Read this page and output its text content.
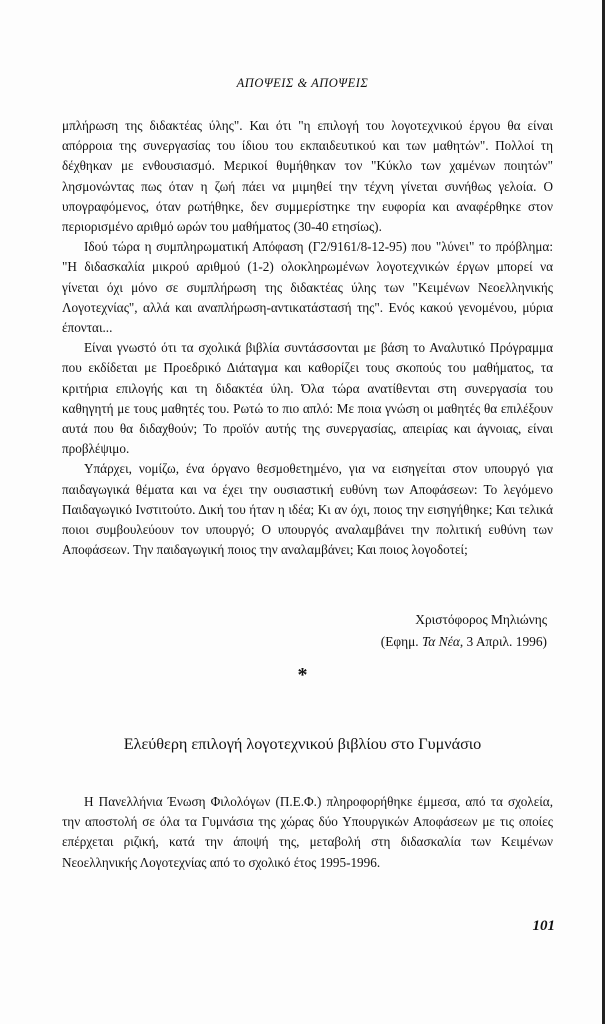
ΑΠΟΨΕΙΣ & ΑΠΟΨΕΙΣ

μπλήρωση της διδακτέας ύλης". Και ότι "η επιλογή του λογοτεχνικού έργου θα είναι απόρροια της συνεργασίας του ίδιου του εκπαιδευτικού και των μαθητών". Πολλοί τη δέχθηκαν με ενθουσιασμό. Μερικοί θυμήθηκαν τον "Κύκλο των χαμένων ποιητών" λησμονώντας πως όταν η ζωή πάει να μιμηθεί την τέχνη γίνεται συνήθως γελοία. Ο υπογραφόμενος, όταν ρωτήθηκε, δεν συμμερίστηκε την ευφορία και αναφέρθηκε στον περιορισμένο αριθμό ωρών του μαθήματος (30-40 ετησίως).

Ιδού τώρα η συμπληρωματική Απόφαση (Γ2/9161/8-12-95) που "λύνει" το πρόβλημα: "Η διδασκαλία μικρού αριθμού (1-2) ολοκληρωμένων λογοτεχνικών έργων μπορεί να γίνεται όχι μόνο σε συμπλήρωση της διδακτέας ύλης των "Κειμένων Νεοελληνικής Λογοτεχνίας", αλλά και αναπλήρωση-αντικατάστασή της". Ενός κακού γενομένου, μύρια έπονται...

Είναι γνωστό ότι τα σχολικά βιβλία συντάσσονται με βάση το Αναλυτικό Πρόγραμμα που εκδίδεται με Προεδρικό Διάταγμα και καθορίζει τους σκοπούς του μαθήματος, τα κριτήρια επιλογής και τη διδακτέα ύλη. Όλα τώρα ανατίθενται στη συνεργασία του καθηγητή με τους μαθητές του. Ρωτώ το πιο απλό: Με ποια γνώση οι μαθητές θα επιλέξουν αυτά που θα διδαχθούν; Το προϊόν αυτής της συνεργασίας, απειρίας και άγνοιας, είναι προβλέψιμο.

Υπάρχει, νομίζω, ένα όργανο θεσμοθετημένο, για να εισηγείται στον υπουργό για παιδαγωγικά θέματα και να έχει την ουσιαστική ευθύνη των Αποφάσεων: Το λεγόμενο Παιδαγωγικό Ινστιτούτο. Δική του ήταν η ιδέα; Κι αν όχι, ποιος την εισηγήθηκε; Και τελικά ποιοι συμβουλεύουν τον υπουργό; Ο υπουργός αναλαμβάνει την πολιτική ευθύνη των Αποφάσεων. Την παιδαγωγική ποιος την αναλαμβάνει; Και ποιος λογοδοτεί;

Χριστόφορος Μηλιώνης
(Εφημ. Τα Νέα, 3 Απριλ. 1996)
*
Ελεύθερη επιλογή λογοτεχνικού βιβλίου στο Γυμνάσιο

Η Πανελλήνια Ένωση Φιλολόγων (Π.Ε.Φ.) πληροφορήθηκε έμμεσα, από τα σχολεία, την αποστολή σε όλα τα Γυμνάσια της χώρας δύο Υπουργικών Αποφάσεων με τις οποίες επέρχεται ριζική, κατά την άποψή της, μεταβολή στη διδασκαλία των Κειμένων Νεοελληνικής Λογοτεχνίας από το σχολικό έτος 1995-1996.

101
